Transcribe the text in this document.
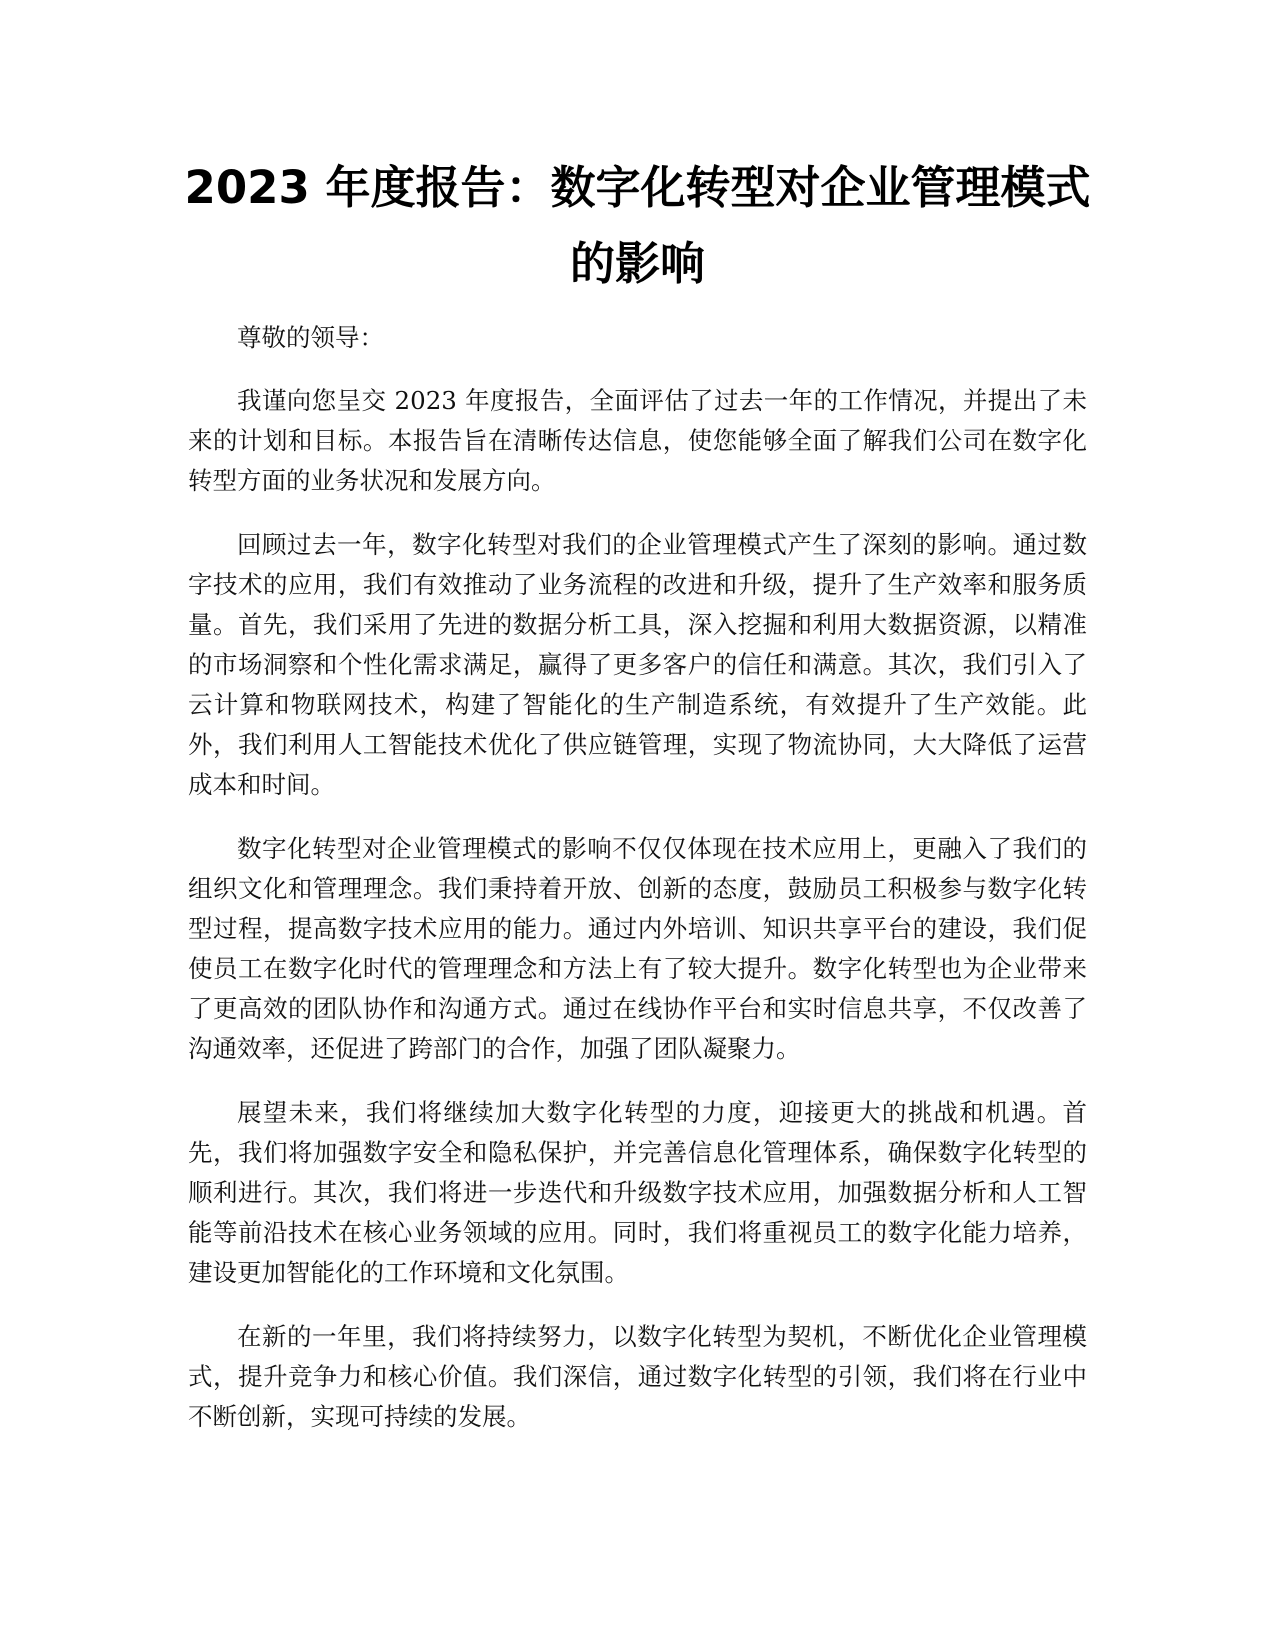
2023 年度报告：数字化转型对企业管理模式的影响

尊敬的领导：

我谨向您呈交 2023 年度报告，全面评估了过去一年的工作情况，并提出了未来的计划和目标。本报告旨在清晰传达信息，使您能够全面了解我们公司在数字化转型方面的业务状况和发展方向。

回顾过去一年，数字化转型对我们的企业管理模式产生了深刻的影响。通过数字技术的应用，我们有效推动了业务流程的改进和升级，提升了生产效率和服务质量。首先，我们采用了先进的数据分析工具，深入挖掘和利用大数据资源，以精准的市场洞察和个性化需求满足，赢得了更多客户的信任和满意。其次，我们引入了云计算和物联网技术，构建了智能化的生产制造系统，有效提升了生产效能。此外，我们利用人工智能技术优化了供应链管理，实现了物流协同，大大降低了运营成本和时间。

数字化转型对企业管理模式的影响不仅仅体现在技术应用上，更融入了我们的组织文化和管理理念。我们秉持着开放、创新的态度，鼓励员工积极参与数字化转型过程，提高数字技术应用的能力。通过内外培训、知识共享平台的建设，我们促使员工在数字化时代的管理理念和方法上有了较大提升。数字化转型也为企业带来了更高效的团队协作和沟通方式。通过在线协作平台和实时信息共享，不仅改善了沟通效率，还促进了跨部门的合作，加强了团队凝聚力。

展望未来，我们将继续加大数字化转型的力度，迎接更大的挑战和机遇。首先，我们将加强数字安全和隐私保护，并完善信息化管理体系，确保数字化转型的顺利进行。其次，我们将进一步迭代和升级数字技术应用，加强数据分析和人工智能等前沿技术在核心业务领域的应用。同时，我们将重视员工的数字化能力培养，建设更加智能化的工作环境和文化氛围。

在新的一年里，我们将持续努力，以数字化转型为契机，不断优化企业管理模式，提升竞争力和核心价值。我们深信，通过数字化转型的引领，我们将在行业中不断创新，实现可持续的发展。
